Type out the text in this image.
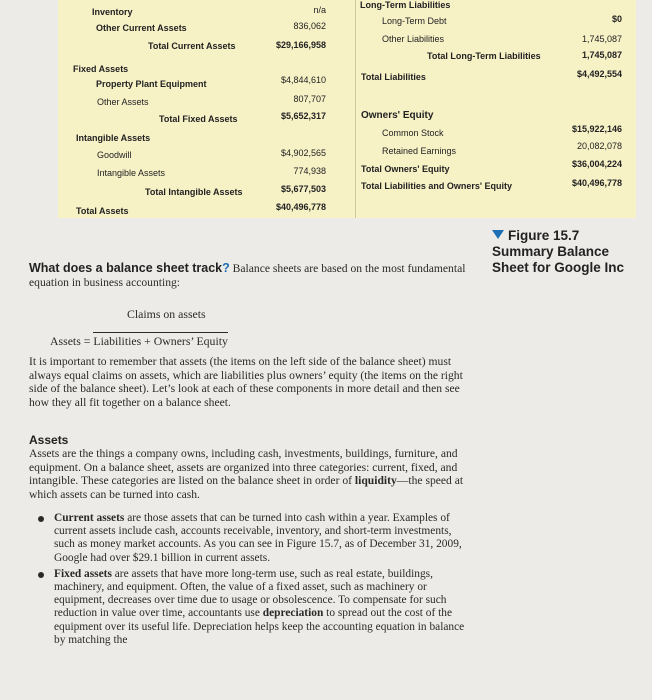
Inventory	n/a
Other Current Assets	836,062
Total Current Assets	$29,166,958
Fixed Assets
Property Plant Equipment	$4,844,610
Other Assets	807,707
Total Fixed Assets	$5,652,317
Intangible Assets
Goodwill	$4,902,565
Intangible Assets	774,938
Total Intangible Assets	$5,677,503
Total Assets	$40,496,778
Long-Term Liabilities
Long-Term Debt	$0
Other Liabilities	1,745,087
Total Long-Term Liabilities	1,745,087
Total Liabilities	$4,492,554
Owners' Equity
Common Stock	$15,922,146
Retained Earnings	20,082,078
Total Owners' Equity	$36,004,224
Total Liabilities and Owners' Equity	$40,496,778
Figure 15.7
Summary Balance
Sheet for Google Inc

What does a balance sheet track? Balance sheets are based on the most fundamental equation in business accounting:

Claims on assets
Assets = Liabilities + Owners’ Equity

It is important to remember that assets (the items on the left side of the balance sheet) must always equal claims on assets, which are liabilities plus owners’ equity (the items on the right side of the balance sheet). Let’s look at each of these components in more detail and then see how they all fit together on a balance sheet.

Assets

Assets are the things a company owns, including cash, investments, buildings, furniture, and equipment. On a balance sheet, assets are organized into three categories: current, fixed, and intangible. These categories are listed on the balance sheet in order of liquidity—the speed at which assets can be turned into cash.

Current assets are those assets that can be turned into cash within a year. Examples of current assets include cash, accounts receivable, inventory, and short-term investments, such as money market accounts. As you can see in Figure 15.7, as of December 31, 2009, Google had over $29.1 billion in current assets.
Fixed assets are assets that have more long-term use, such as real estate, buildings, machinery, and equipment. Often, the value of a fixed asset, such as machinery or equipment, decreases over time due to usage or obsolescence. To compensate for such reduction in value over time, accountants use depreciation to spread out the cost of the equipment over its useful life. Depreciation helps keep the accounting equation in balance by matching the
